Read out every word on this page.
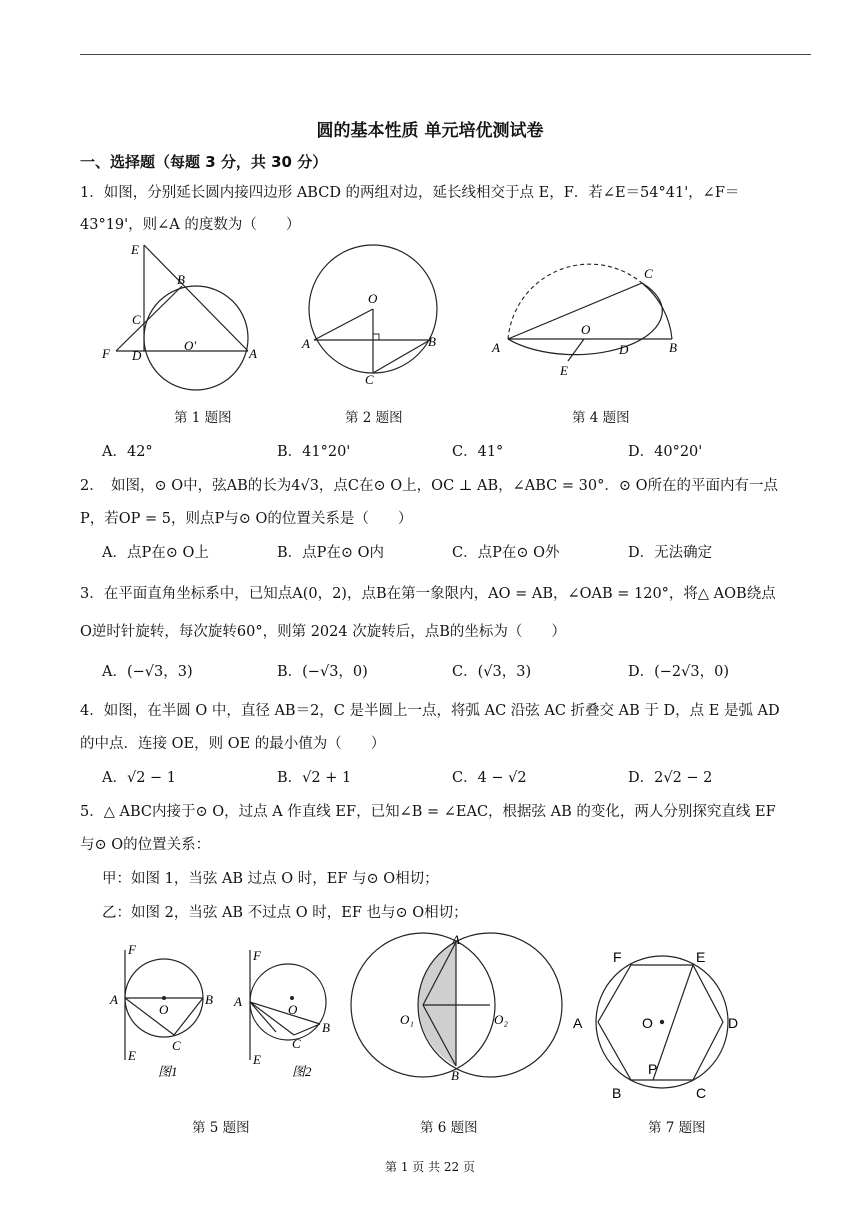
圆的基本性质 单元培优测试卷
一、选择题（每题 3 分，共 30 分）
1．如图，分别延长圆内接四边形 ABCD 的两组对边，延长线相交于点 E，F．若∠E＝54°41'，∠F＝
43°19'，则∠A 的度数为（　　）
E
B
C
F D
O′
A
第 1 题图
O
A	B
C
第 2 题图
C
O
A	D	B
E
第 4 题图
A．42°	B．41°20'	C．41°	D．40°20'
2．　如图，⊙ O中，弦AB的长为4√3，点C在⊙ O上，OC ⊥ AB，∠ABC = 30°．⊙ O所在的平面内有一点
P，若OP = 5，则点P与⊙ O的位置关系是（　　）
A．点P在⊙ O上	B．点P在⊙ O内	C．点P在⊙ O外	D．无法确定
3．在平面直角坐标系中，已知点A(0，2)，点B在第一象限内，AO = AB，∠OAB = 120°，将△ AOB绕点
O逆时针旋转，每次旋转60°，则第 2024 次旋转后，点B的坐标为（　　）
A．(−√3，3)	B．(−√3，0)	C．(√3，3)	D．(−2√3，0)
4．如图，在半圆 O 中，直径 AB＝2，C 是半圆上一点，将弧 AC 沿弦 AC 折叠交 AB 于 D，点 E 是弧 AD
的中点．连接 OE，则 OE 的最小值为（　　）
A．√2 − 1	B．√2 + 1	C．4 − √2	D．2√2 − 2
5．△ ABC内接于⊙ O，过点 A 作直线 EF，已知∠B = ∠EAC，根据弦 AB 的变化，两人分别探究直线 EF
与⊙ O的位置关系：
甲：如图 1，当弦 AB 过点 O 时，EF 与⊙ O相切；
乙：如图 2，当弦 AB 不过点 O 时，EF 也与⊙ O相切；
F
A
O
B
C
E
图1
F
A
O
B
C
E
图2
第 5 题图
A
O₁	O₂
B
第 6 题图
F	E
A	O	D
P
B	C
第 7 题图
第 1 页 共 22 页
